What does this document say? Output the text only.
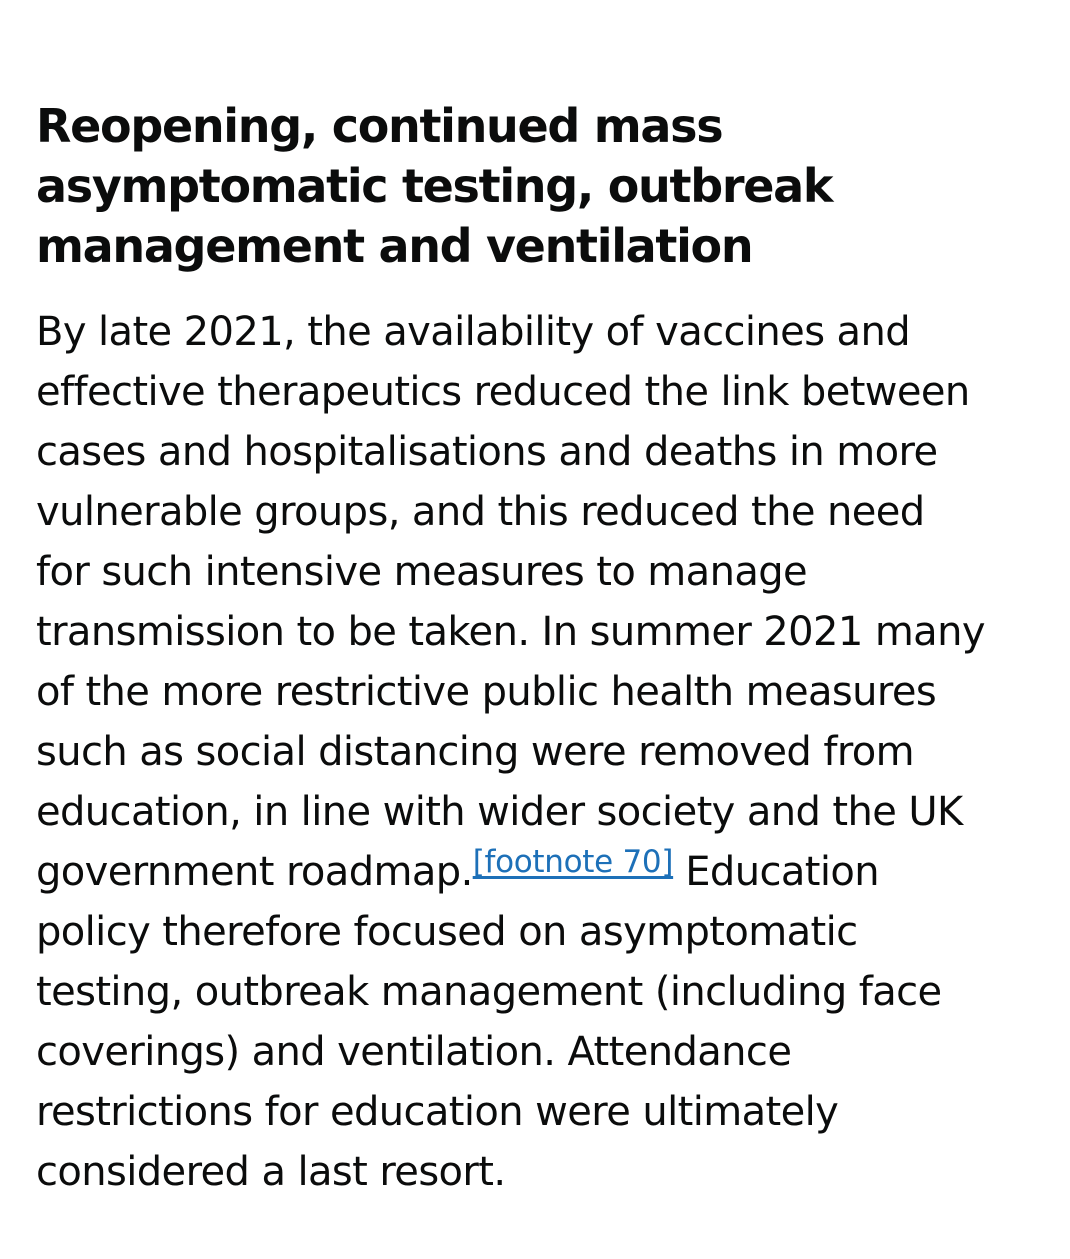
Reopening, continued mass
asymptomatic testing, outbreak
management and ventilation

By late 2021, the availability of vaccines and
effective therapeutics reduced the link between
cases and hospitalisations and deaths in more
vulnerable groups, and this reduced the need
for such intensive measures to manage
transmission to be taken. In summer 2021 many
of the more restrictive public health measures
such as social distancing were removed from
education, in line with wider society and the UK
government roadmap.[footnote 70] Education
policy therefore focused on asymptomatic
testing, outbreak management (including face
coverings) and ventilation. Attendance
restrictions for education were ultimately
considered a last resort.
